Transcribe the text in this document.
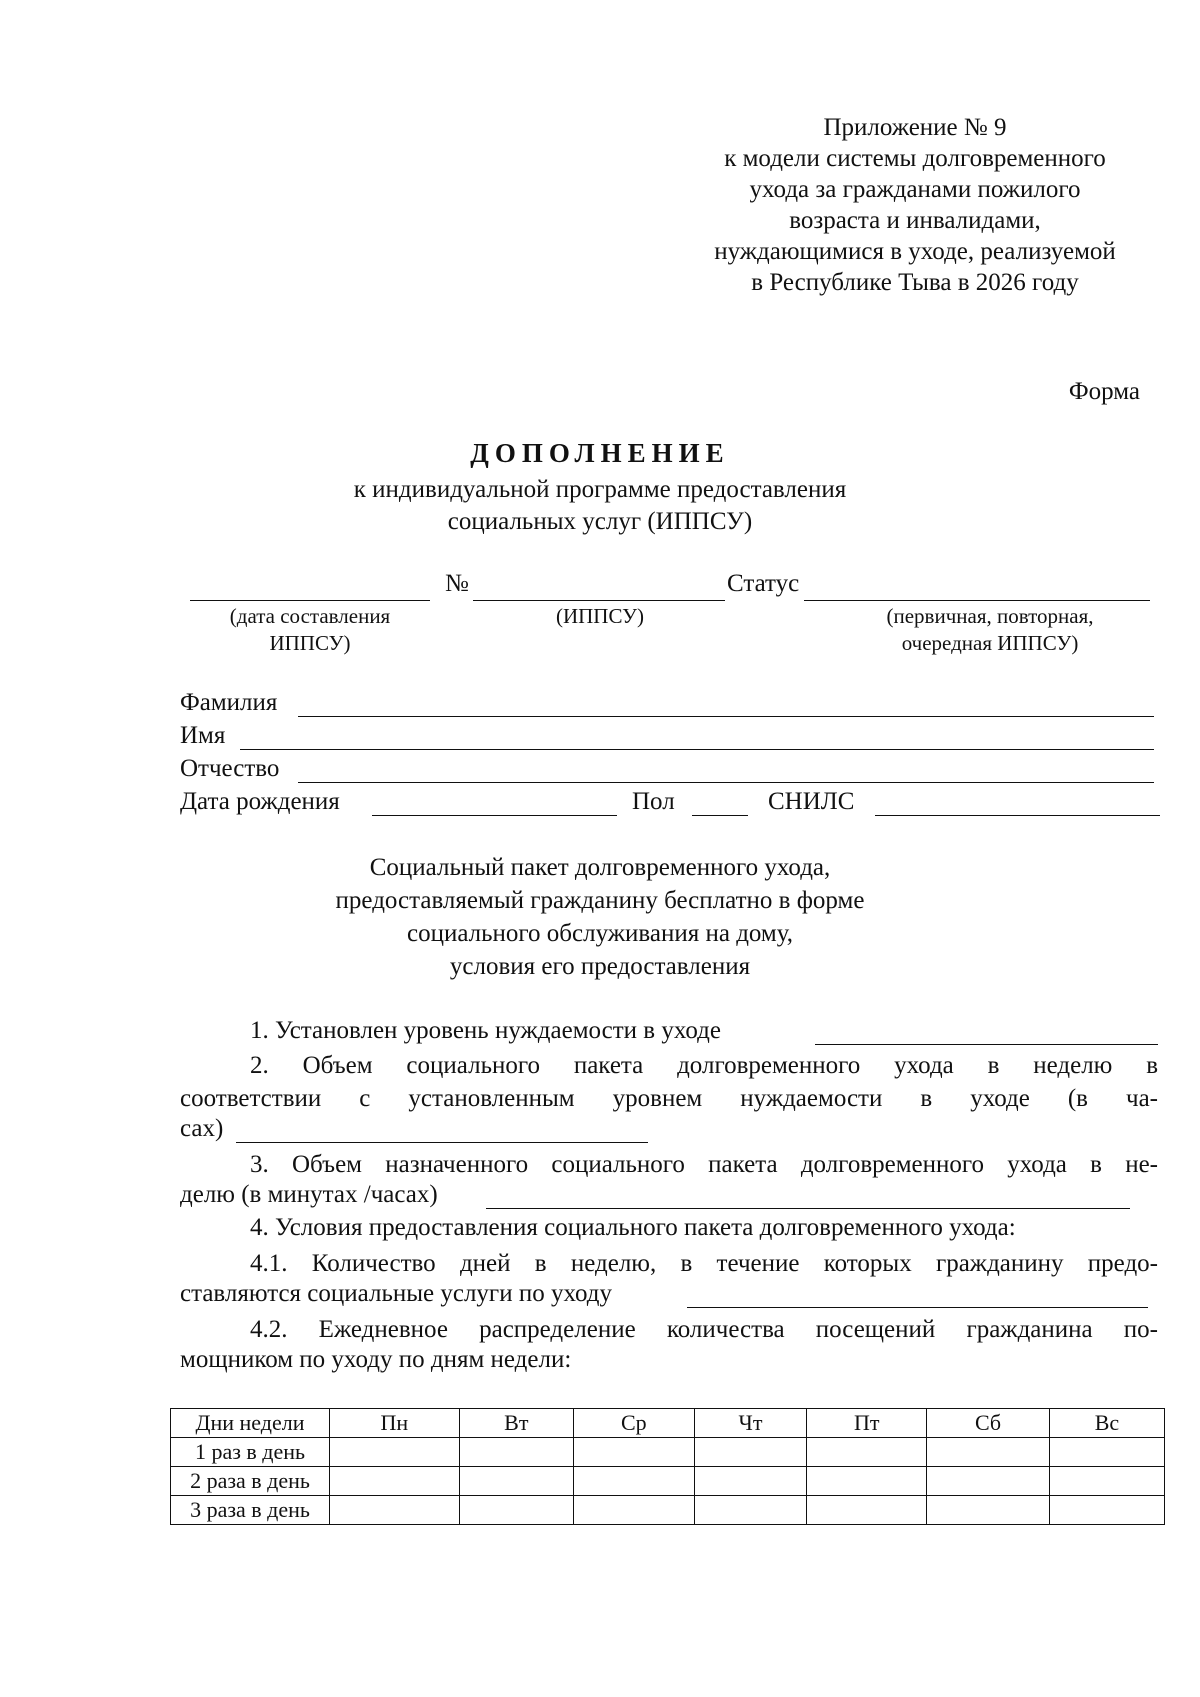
Приложение № 9
к модели системы долговременного
ухода за гражданами пожилого
возраста и инвалидами,
нуждающимися в уходе, реализуемой
в Республике Тыва в 2026 году
Форма
ДОПОЛНЕНИЕ
к индивидуальной программе предоставления
социальных услуг (ИППСУ)
№	Статус
(дата составления
ИППСУ)
(ИППСУ)	(первичная, повторная,
очередная ИППСУ)
Фамилия
Имя
Отчество
Дата рождения	Пол	СНИЛС
Социальный пакет долговременного ухода,
предоставляемый гражданину бесплатно в форме
социального обслуживания на дому,
условия его предоставления
1. Установлен уровень нуждаемости в уходе
2. Объем социального пакета долговременного ухода в неделю в
соответствии с установленным уровнем нуждаемости в уходе (в ча-
сах)
3. Объем назначенного социального пакета долговременного ухода в не-
делю (в минутах /часах)
4. Условия предоставления социального пакета долговременного ухода:
4.1. Количество дней в неделю, в течение которых гражданину предо-
ставляются социальные услуги по уходу
4.2. Ежедневное распределение количества посещений гражданина по-
мощником по уходу по дням недели:
Дни недели	Пн	Вт	Ср	Чт	Пт	Сб	Вс
1 раз в день							
2 раза в день							
3 раза в день							
